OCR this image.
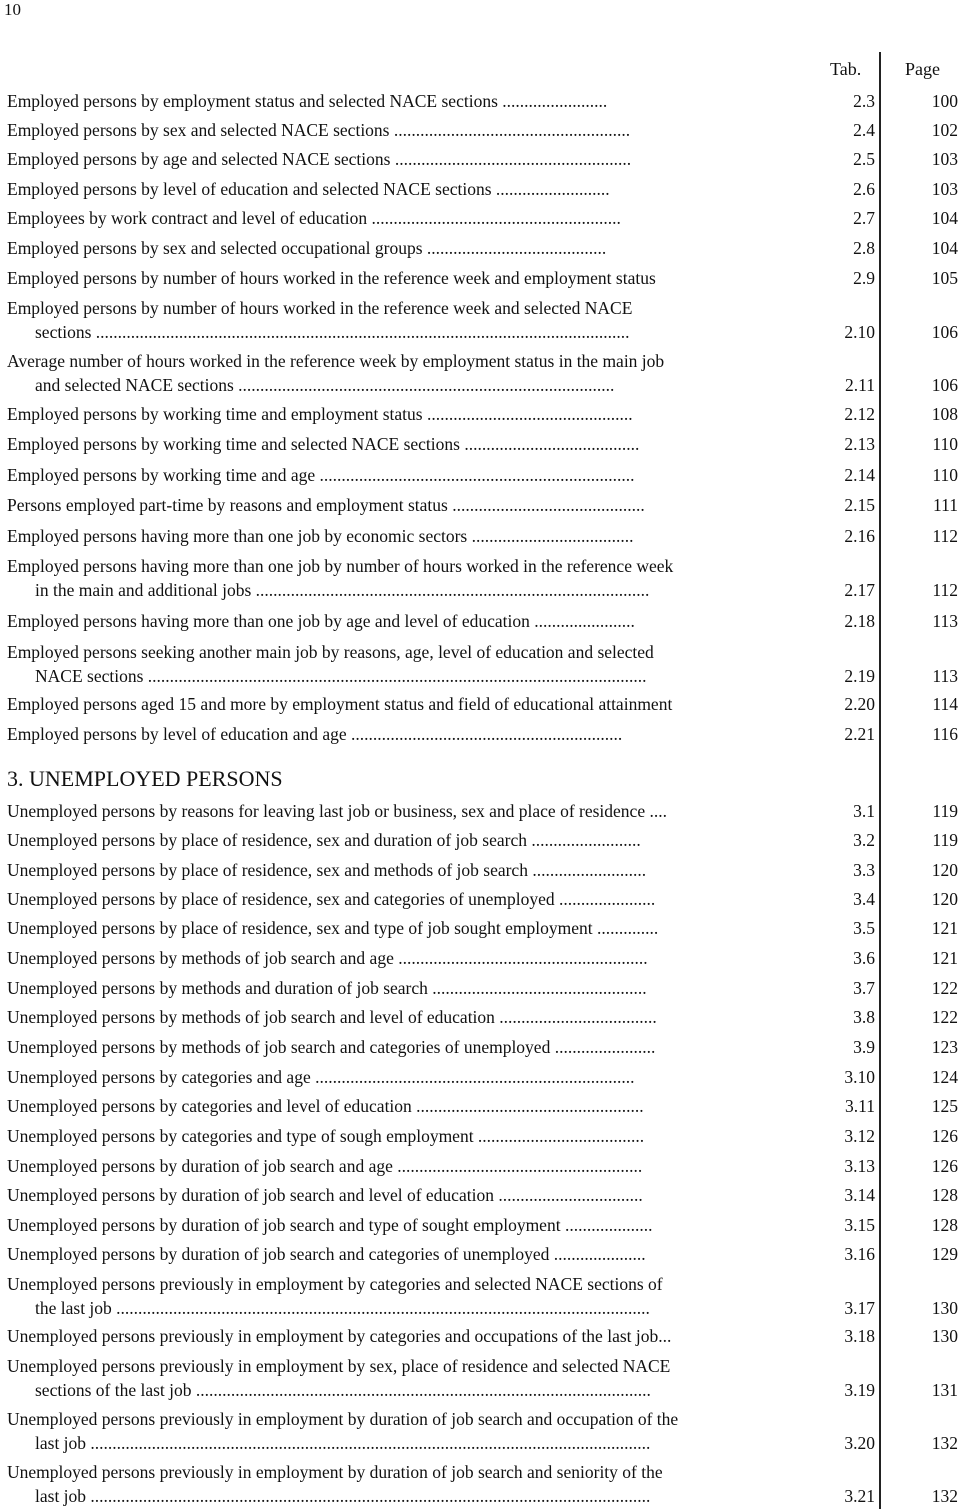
10
Tab. Page
Employed persons by employment status and selected NACE sections ........................	2.3	100
Employed persons by sex and selected NACE sections ......................................................	2.4	102
Employed persons by age and selected NACE sections ......................................................	2.5	103
Employed persons by level of education and selected NACE sections ..........................	2.6	103
Employees by work contract and level of education .........................................................	2.7	104
Employed persons by sex and selected occupational groups .........................................	2.8	104
Employed persons by number of hours worked in the reference week and employment status	2.9	105
Employed persons by number of hours worked in the reference week and selected NACE
sections ..........................................................................................................................	2.10	106
Average number of hours worked in the reference week by employment status in the main job
and selected NACE sections ......................................................................................	2.11	106
Employed persons by working time and employment status ...............................................	2.12	108
Employed persons by working time and selected NACE sections ........................................	2.13	110
Employed persons by working time and age ........................................................................	2.14	110
Persons employed part-time by reasons and employment status ............................................	2.15	111
Employed persons having more than one job by economic sectors .....................................	2.16	112
Employed persons having more than one job by number of hours worked in the reference week
in the main and additional jobs ..........................................................................................	2.17	112
Employed persons having more than one job by age and level of education .......................	2.18	113
Employed persons seeking another main job by reasons, age, level of education and selected
NACE sections ..................................................................................................................	2.19	113
Employed persons aged 15 and more by employment status and field of educational attainment	2.20	114
Employed persons by level of education and age ..............................................................	2.21	116
3. UNEMPLOYED PERSONS
Unemployed persons by reasons for leaving last job or business, sex and place of residence ....	3.1	119
Unemployed persons by place of residence, sex and duration of job search .........................	3.2	119
Unemployed persons by place of residence, sex and methods of job search ..........................	3.3	120
Unemployed persons by place of residence, sex and categories of unemployed ......................	3.4	120
Unemployed persons by place of residence, sex and type of job sought employment ..............	3.5	121
Unemployed persons by methods of job search and age .........................................................	3.6	121
Unemployed persons by methods and duration of job search .................................................	3.7	122
Unemployed persons by methods of job search and level of education ....................................	3.8	122
Unemployed persons by methods of job search and categories of unemployed .......................	3.9	123
Unemployed persons by categories and age .........................................................................	3.10	124
Unemployed persons by categories and level of education ....................................................	3.11	125
Unemployed persons by categories and type of sough employment ......................................	3.12	126
Unemployed persons by duration of job search and age ........................................................	3.13	126
Unemployed persons by duration of job search and level of education .................................	3.14	128
Unemployed persons by duration of job search and type of sought employment ....................	3.15	128
Unemployed persons by duration of job search and categories of unemployed .....................	3.16	129
Unemployed persons previously in employment by categories and selected NACE sections of
the last job ..........................................................................................................................	3.17	130
Unemployed persons previously in employment by categories and occupations of the last job...	3.18	130
Unemployed persons previously in employment by sex, place of residence and selected NACE
sections of the last job ........................................................................................................	3.19	131
Unemployed persons previously in employment by duration of job search and occupation of the
last job ................................................................................................................................	3.20	132
Unemployed persons previously in employment by duration of job search and seniority of the
last job ................................................................................................................................	3.21	132
